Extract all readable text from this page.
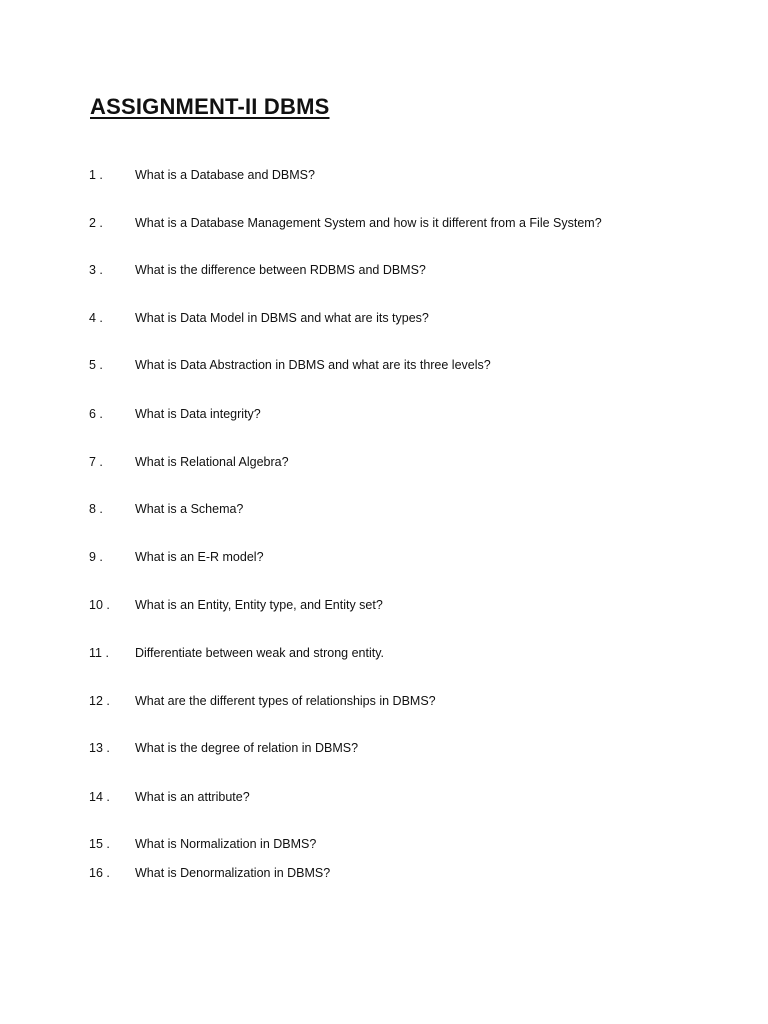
ASSIGNMENT-II DBMS
1 .	What is a Database and DBMS?
2 .	What is a Database Management System and how is it different from a File System?
3 .	What is the difference between RDBMS and DBMS?
4 .	What is Data Model in DBMS and what are its types?
5 .	What is Data Abstraction in DBMS and what are its three levels?
6 .	What is Data integrity?
7 .	What is Relational Algebra?
8 .	What is a Schema?
9 .	What is an E-R model?
10 .	What is an Entity, Entity type, and Entity set?
11 .	Differentiate between weak and strong entity.
12 .	What are the different types of relationships in DBMS?
13 .	What is the degree of relation in DBMS?
14 .	What is an attribute?
15 .	What is Normalization in DBMS?
16 .	What is Denormalization in DBMS?
